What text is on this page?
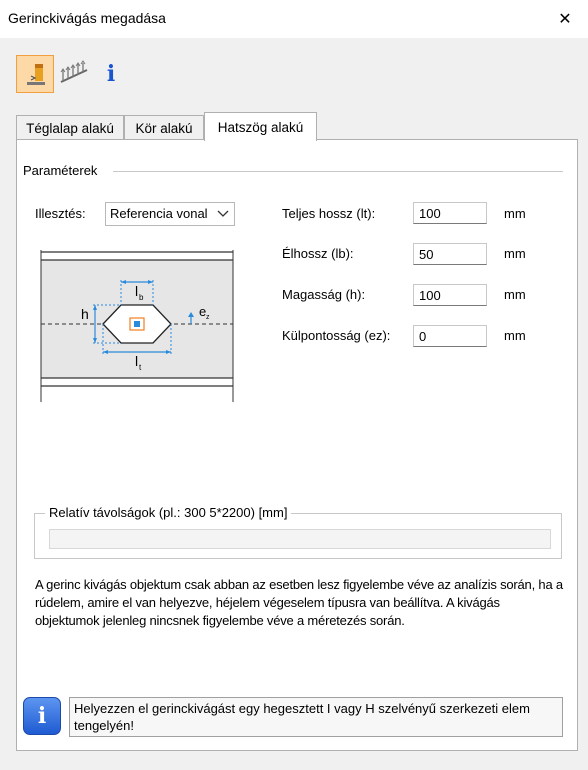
Gerinckivágás megadása	✕
i
Téglalap alakú Kör alakú Hatszög alakú
Paraméterek
Illesztés:	Referencia vonal	Teljes hossz (lt):
100	mm
Élhossz (lb):
50	mm
Magasság (h):
100	mm
Külpontosság (ez):
0	mm
h
l b
l t
e z
Relatív távolságok (pl.: 300 5*2200) [mm]
A gerinc kivágás objektum csak abban az esetben lesz figyelembe véve az analízis során, ha a rúdelem, amire el van helyezve, héjelem végeselem típusra van beállítva. A kivágás objektumok jelenleg nincsnek figyelembe véve a méretezés során.
i	Helyezzen el gerinckivágást egy hegesztett I vagy H szelvényű szerkezeti elem tengelyén!
